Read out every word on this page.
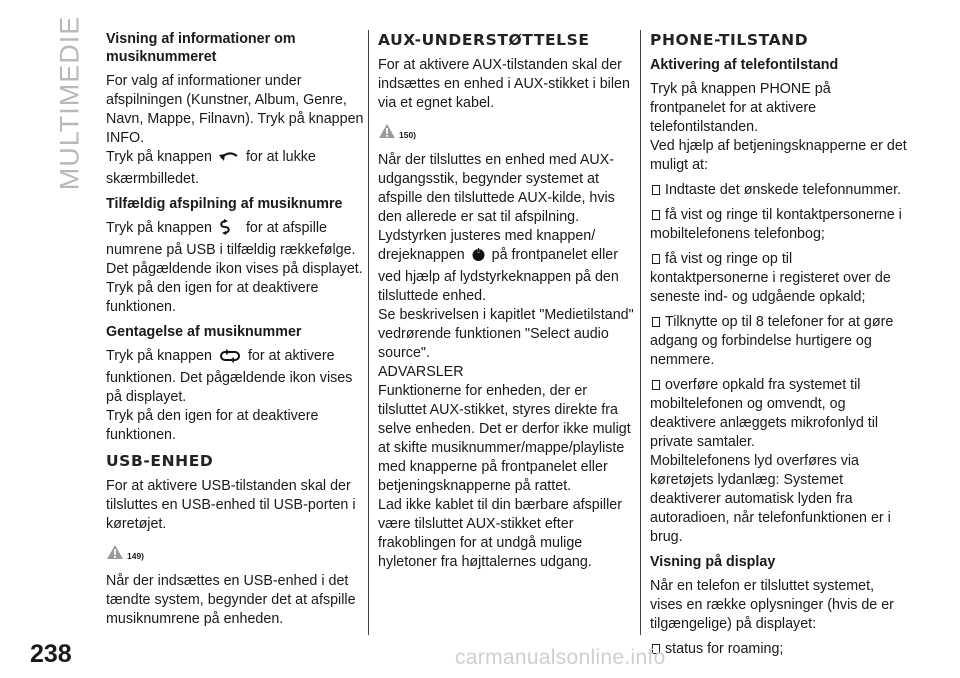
MULTIMEDIE Visning af informationer om musiknummeret

For valg af informationer under afspilningen (Kunstner, Album, Genre, Navn, Mappe, Filnavn). Tryk på knappen INFO.

Tryk på knappen for at lukke skærmbilledet.

Tilfældig afspilning af musiknumre

Tryk på knappen for at afspille numrene på USB i tilfældig rækkefølge. Det pågældende ikon vises på displayet.

Tryk på den igen for at deaktivere funktionen.

Gentagelse af musiknummer

Tryk på knappen	for at aktivere funktionen. Det pågældende ikon vises på displayet.

Tryk på den igen for at deaktivere funktionen.

USB-ENHED

For at aktivere USB-tilstanden skal der tilsluttes en USB-enhed til USB-porten i køretøjet.

149)

Når der indsættes en USB-enhed i det tændte system, begynder det at afspille musiknumrene på enheden.

AUX-UNDERSTØTTELSE

For at aktivere AUX-tilstanden skal der indsættes en enhed i AUX-stikket i bilen via et egnet kabel.

150)

Når der tilsluttes en enhed med AUX-udgangsstik, begynder systemet at afspille den tilsluttede AUX-kilde, hvis den allerede er sat til afspilning.

Lydstyrken justeres med knappen/ drejeknappen på frontpanelet eller ved hjælp af lydstyrkeknappen på den tilsluttede enhed.

Se beskrivelsen i kapitlet "Medietilstand" vedrørende funktionen "Select audio source".

ADVARSLER

Funktionerne for enheden, der er tilsluttet AUX-stikket, styres direkte fra selve enheden. Det er derfor ikke muligt at skifte musiknummer/mappe/playliste med knapperne på frontpanelet eller betjeningsknapperne på rattet.

Lad ikke kablet til din bærbare afspiller være tilsluttet AUX-stikket efter frakoblingen for at undgå mulige hyletoner fra højttalernes udgang.

PHONE-TILSTAND
Aktivering af telefontilstand

Tryk på knappen PHONE på frontpanelet for at aktivere telefontilstanden.

Ved hjælp af betjeningsknapperne er det muligt at:

Indtaste det ønskede telefonnummer.

få vist og ringe til kontaktpersonerne i mobiltelefonens telefonbog;

få vist og ringe op til kontaktpersonerne i registeret over de seneste ind- og udgående opkald;

Tilknytte op til 8 telefoner for at gøre adgang og forbindelse hurtigere og nemmere.

overføre opkald fra systemet til mobiltelefonen og omvendt, og deaktivere anlæggets mikrofonlyd til private samtaler.

Mobiltelefonens lyd overføres via køretøjets lydanlæg: Systemet deaktiverer automatisk lyden fra autoradioen, når telefonfunktionen er i brug.

Visning på display

Når en telefon er tilsluttet systemet, vises en række oplysninger (hvis de er tilgængelige) på displayet:

status for roaming;

238	carmanualsonline.info
